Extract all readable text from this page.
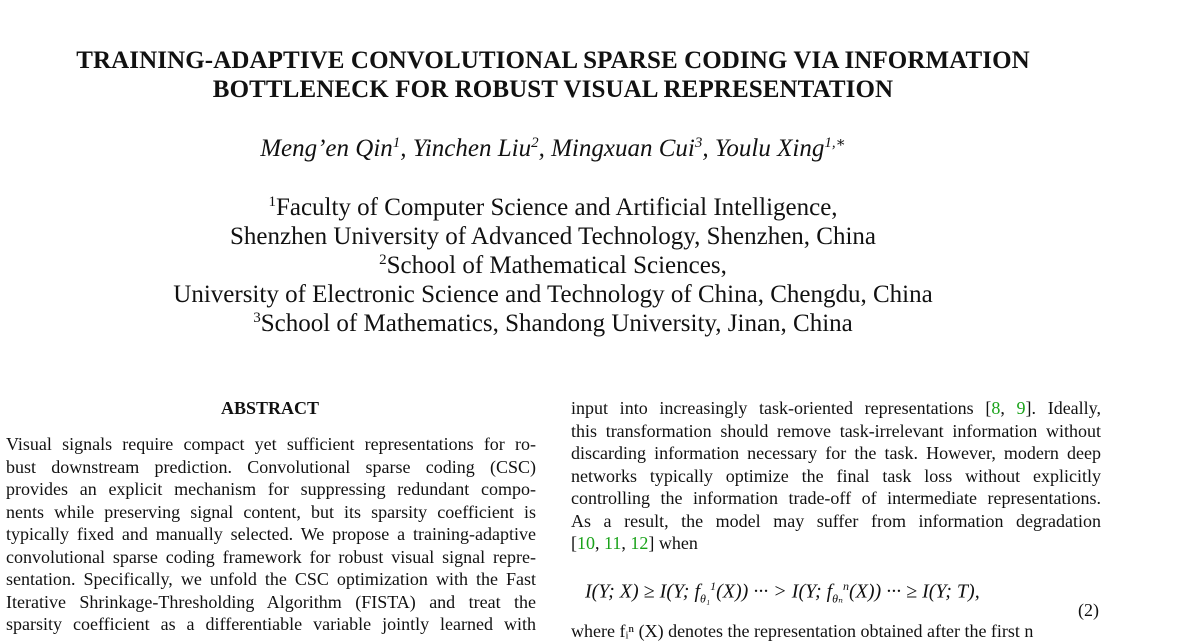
TRAINING-ADAPTIVE CONVOLUTIONAL SPARSE CODING VIA INFORMATION
BOTTLENECK FOR ROBUST VISUAL REPRESENTATION
Meng’en Qin$^1$, Yinchen Liu$^2$, Mingxuan Cui$^3$, Youlu Xing$^{1,∗}$
$^1$Faculty of Computer Science and Artificial Intelligence,
Shenzhen University of Advanced Technology, Shenzhen, China
$^2$School of Mathematical Sciences,
University of Electronic Science and Technology of China, Chengdu, China
$^3$School of Mathematics, Shandong University, Jinan, China
ABSTRACT
Visual signals require compact yet sufficient representations for ro-
bust downstream prediction. Convolutional sparse coding (CSC)
provides an explicit mechanism for suppressing redundant compo-
nents while preserving signal content, but its sparsity coefficient is
typically fixed and manually selected. We propose a training-adaptive
convolutional sparse coding framework for robust visual signal repre-
sentation. Specifically, we unfold the CSC optimization with the Fast
Iterative Shrinkage-Thresholding Algorithm (FISTA) and treat the
sparsity coefficient as a differentiable variable jointly learned with
input into increasingly task-oriented representations [8, 9]. Ideally,
this transformation should remove task-irrelevant information without
discarding information necessary for the task. However, modern deep
networks typically optimize the final task loss without explicitly
controlling the information trade-off of intermediate representations.
As a result, the model may suffer from information degradation
[10, 11, 12] when
I(Y; X) ≥ I(Y; $f_{\theta_1}^1(X)$) ··· > I(Y; $f_{\theta_n}^n(X)$) ··· ≥ I(Y; T),
(2)
where fᵢⁿ (X) denotes the representation obtained after the first n
